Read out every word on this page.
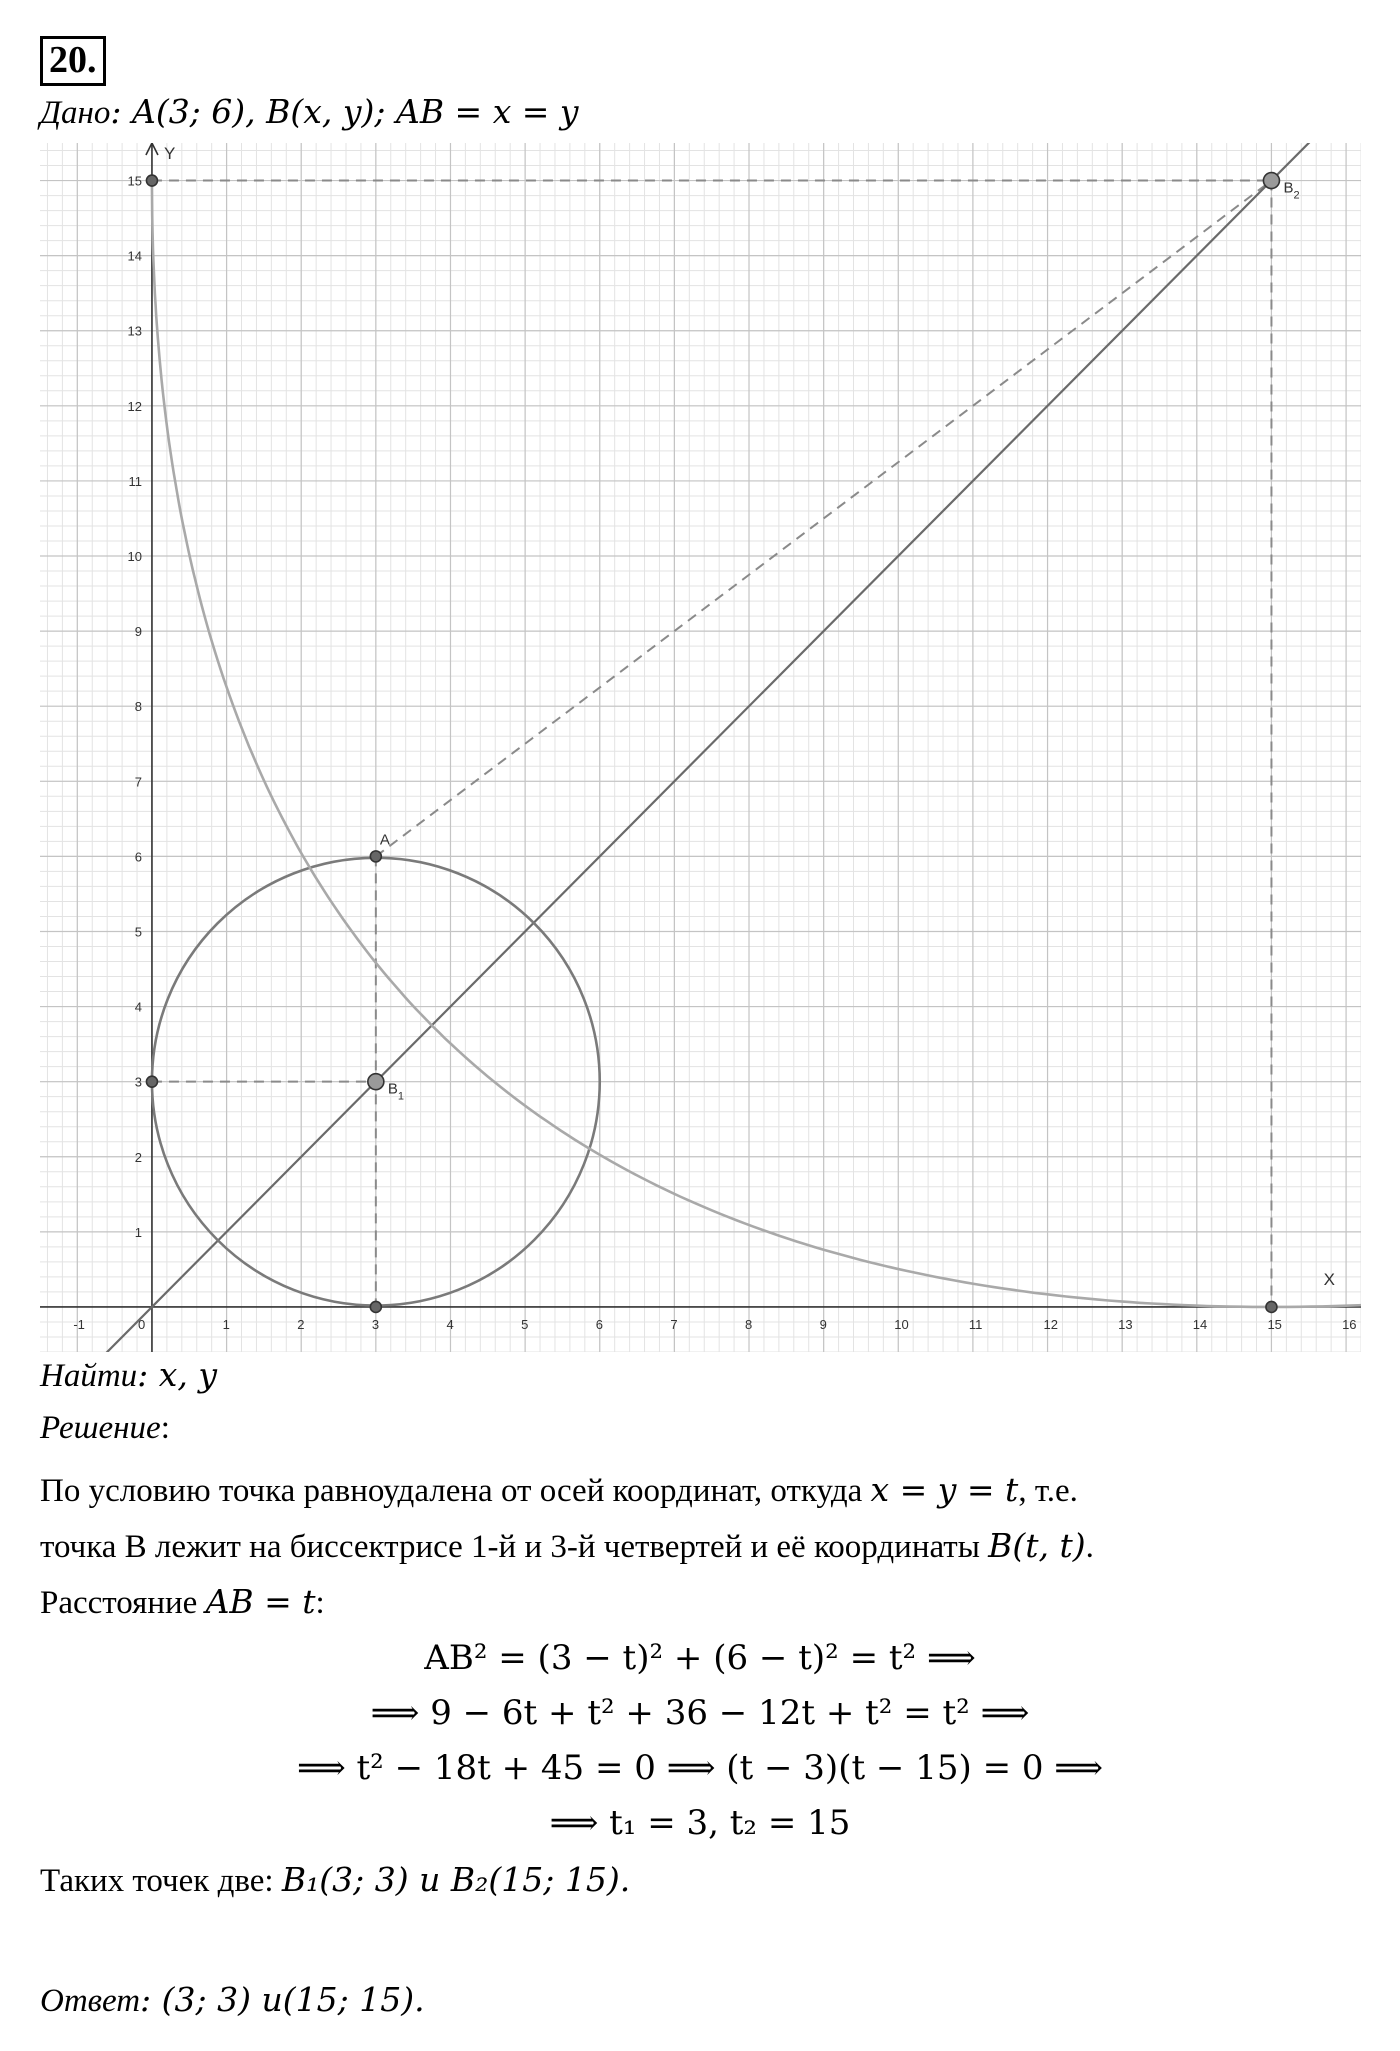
20.
Дано: A(3; 6), B(x, y); AB = x = y
-1	0	1	2	3	4	5	6	7	8	9	10	11	12	13	14	15	16
1
2
3
4
5
6
7
8
9
10
11
12
13
14
15
X
Y
A
$B_1$
$B_2$
Найти: x, y
Решение:
По условию точка равноудалена от осей координат, откуда x = y = t, т.е.
точка B лежит на биссектрисе 1-й и 3-й четвертей и её координаты B(t, t).
Расстояние AB = t:
AB² = (3 − t)² + (6 − t)² = t² ⟹
⟹ 9 − 6t + t² + 36 − 12t + t² = t² ⟹
⟹ t² − 18t + 45 = 0 ⟹ (t − 3)(t − 15) = 0 ⟹
⟹ t₁ = 3, t₂ = 15
Таких точек две: B₁(3; 3) и B₂(15; 15).
Ответ: (3; 3) и(15; 15).
